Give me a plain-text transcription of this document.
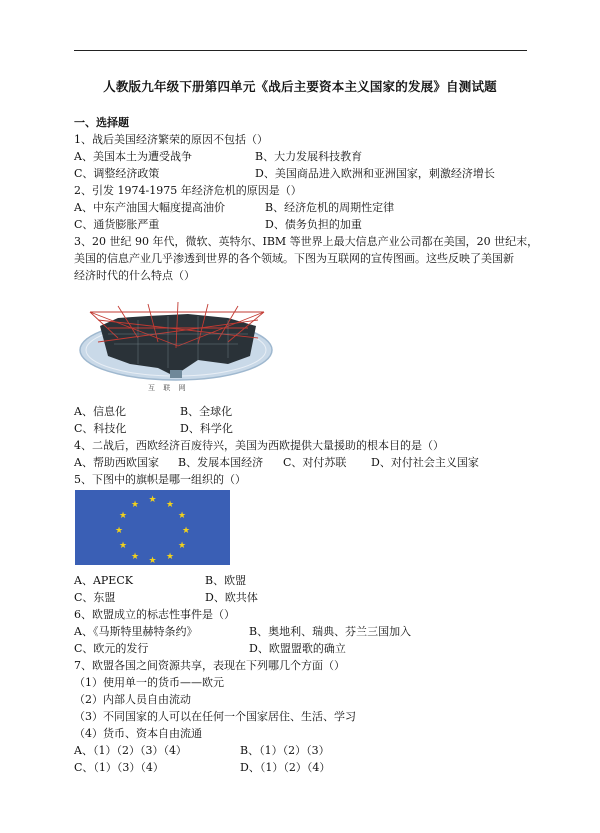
人教版九年级下册第四单元《战后主要资本主义国家的发展》自测试题
一、选择题
1、战后美国经济繁荣的原因不包括（）
A、美国本土为遭受战争	B、大力发展科技教育
C、调整经济政策	D、美国商品进入欧洲和亚洲国家，刺激经济增长
2、引发 1974-1975 年经济危机的原因是（）
A、中东产油国大幅度提高油价	B、经济危机的周期性定律
C、通货膨胀严重	D、债务负担的加重
3、20 世纪 90 年代，微软、英特尔、IBM 等世界上最大信息产业公司都在美国，20 世纪末，
美国的信息产业几乎渗透到世界的各个领域。下图为互联网的宣传图画。这些反映了美国新
经济时代的什么特点（）
互 联 网
A、信息化	B、全球化
C、科技化	D、科学化
4、二战后，西欧经济百废待兴，美国为西欧提供大量援助的根本目的是（）
A、帮助西欧国家 B、发展本国经济 C、对付苏联 D、对付社会主义国家
5、下图中的旗帜是哪一组织的（）
★ ★
★
★
★
★
★
★
★
★
★
★
A、APECK	B、欧盟
C、东盟	D、欧共体
6、欧盟成立的标志性事件是（）
A、《马斯特里赫特条约》	B、奥地利、瑞典、芬兰三国加入
C、欧元的发行	D、欧盟盟歌的确立
7、欧盟各国之间资源共享，表现在下列哪几个方面（）
（1）使用单一的货币——欧元
（2）内部人员自由流动
（3）不同国家的人可以在任何一个国家居住、生活、学习
（4）货币、资本自由流通
A、（1）（2）（3）（4）	B、（1）（2）（3）
C、（1）（3）（4）	D、（1）（2）（4）
